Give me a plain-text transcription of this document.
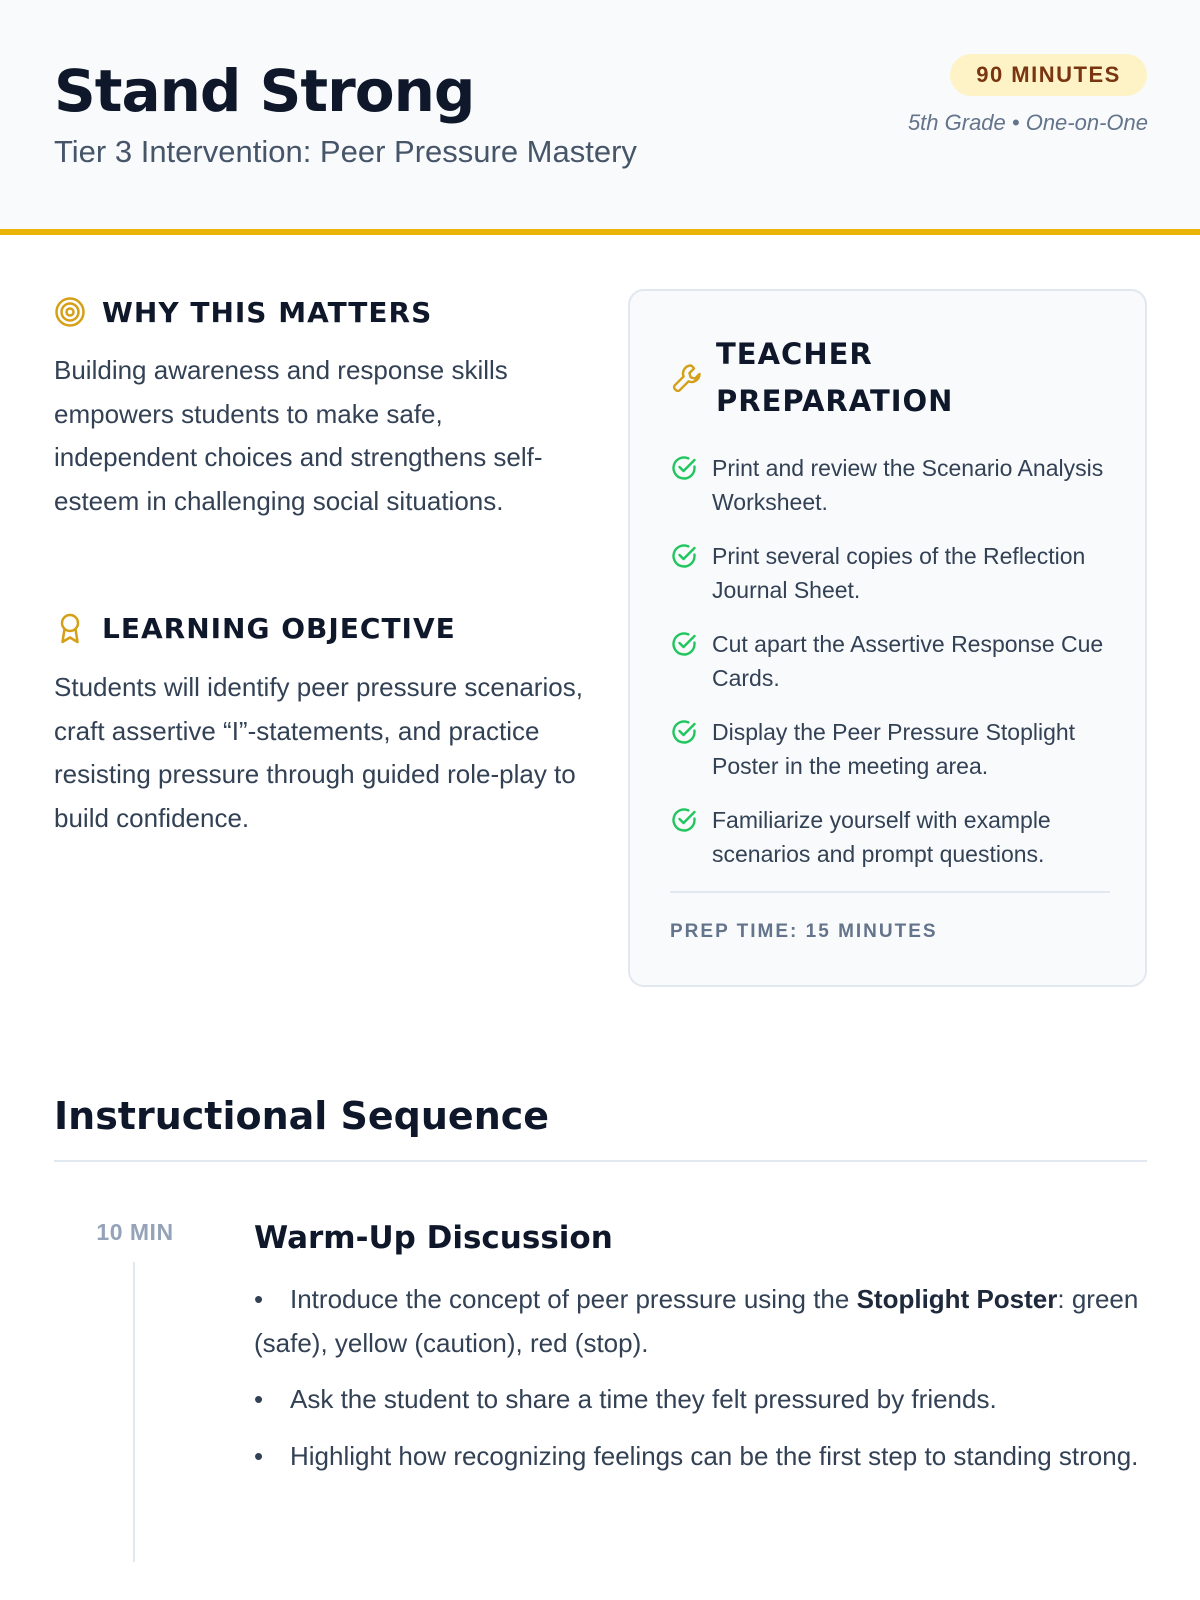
Stand Strong
Tier 3 Intervention: Peer Pressure Mastery
90 MINUTES
5th Grade • One-on-One
WHY THIS MATTERS
Building awareness and response skills empowers students to make safe, independent choices and strengthens self-esteem in challenging social situations.
LEARNING OBJECTIVE
Students will identify peer pressure scenarios, craft assertive “I”-statements, and practice resisting pressure through guided role-play to build confidence.
TEACHER PREPARATION
Print and review the Scenario Analysis Worksheet.
Print several copies of the Reflection Journal Sheet.
Cut apart the Assertive Response Cue Cards.
Display the Peer Pressure Stoplight Poster in the meeting area.
Familiarize yourself with example scenarios and prompt questions.
PREP TIME: 15 MINUTES
Instructional Sequence
10 MIN	Warm-Up Discussion
• Introduce the concept of peer pressure using the Stoplight Poster: green (safe), yellow (caution), red (stop).
• Ask the student to share a time they felt pressured by friends.
• Highlight how recognizing feelings can be the first step to standing strong.
